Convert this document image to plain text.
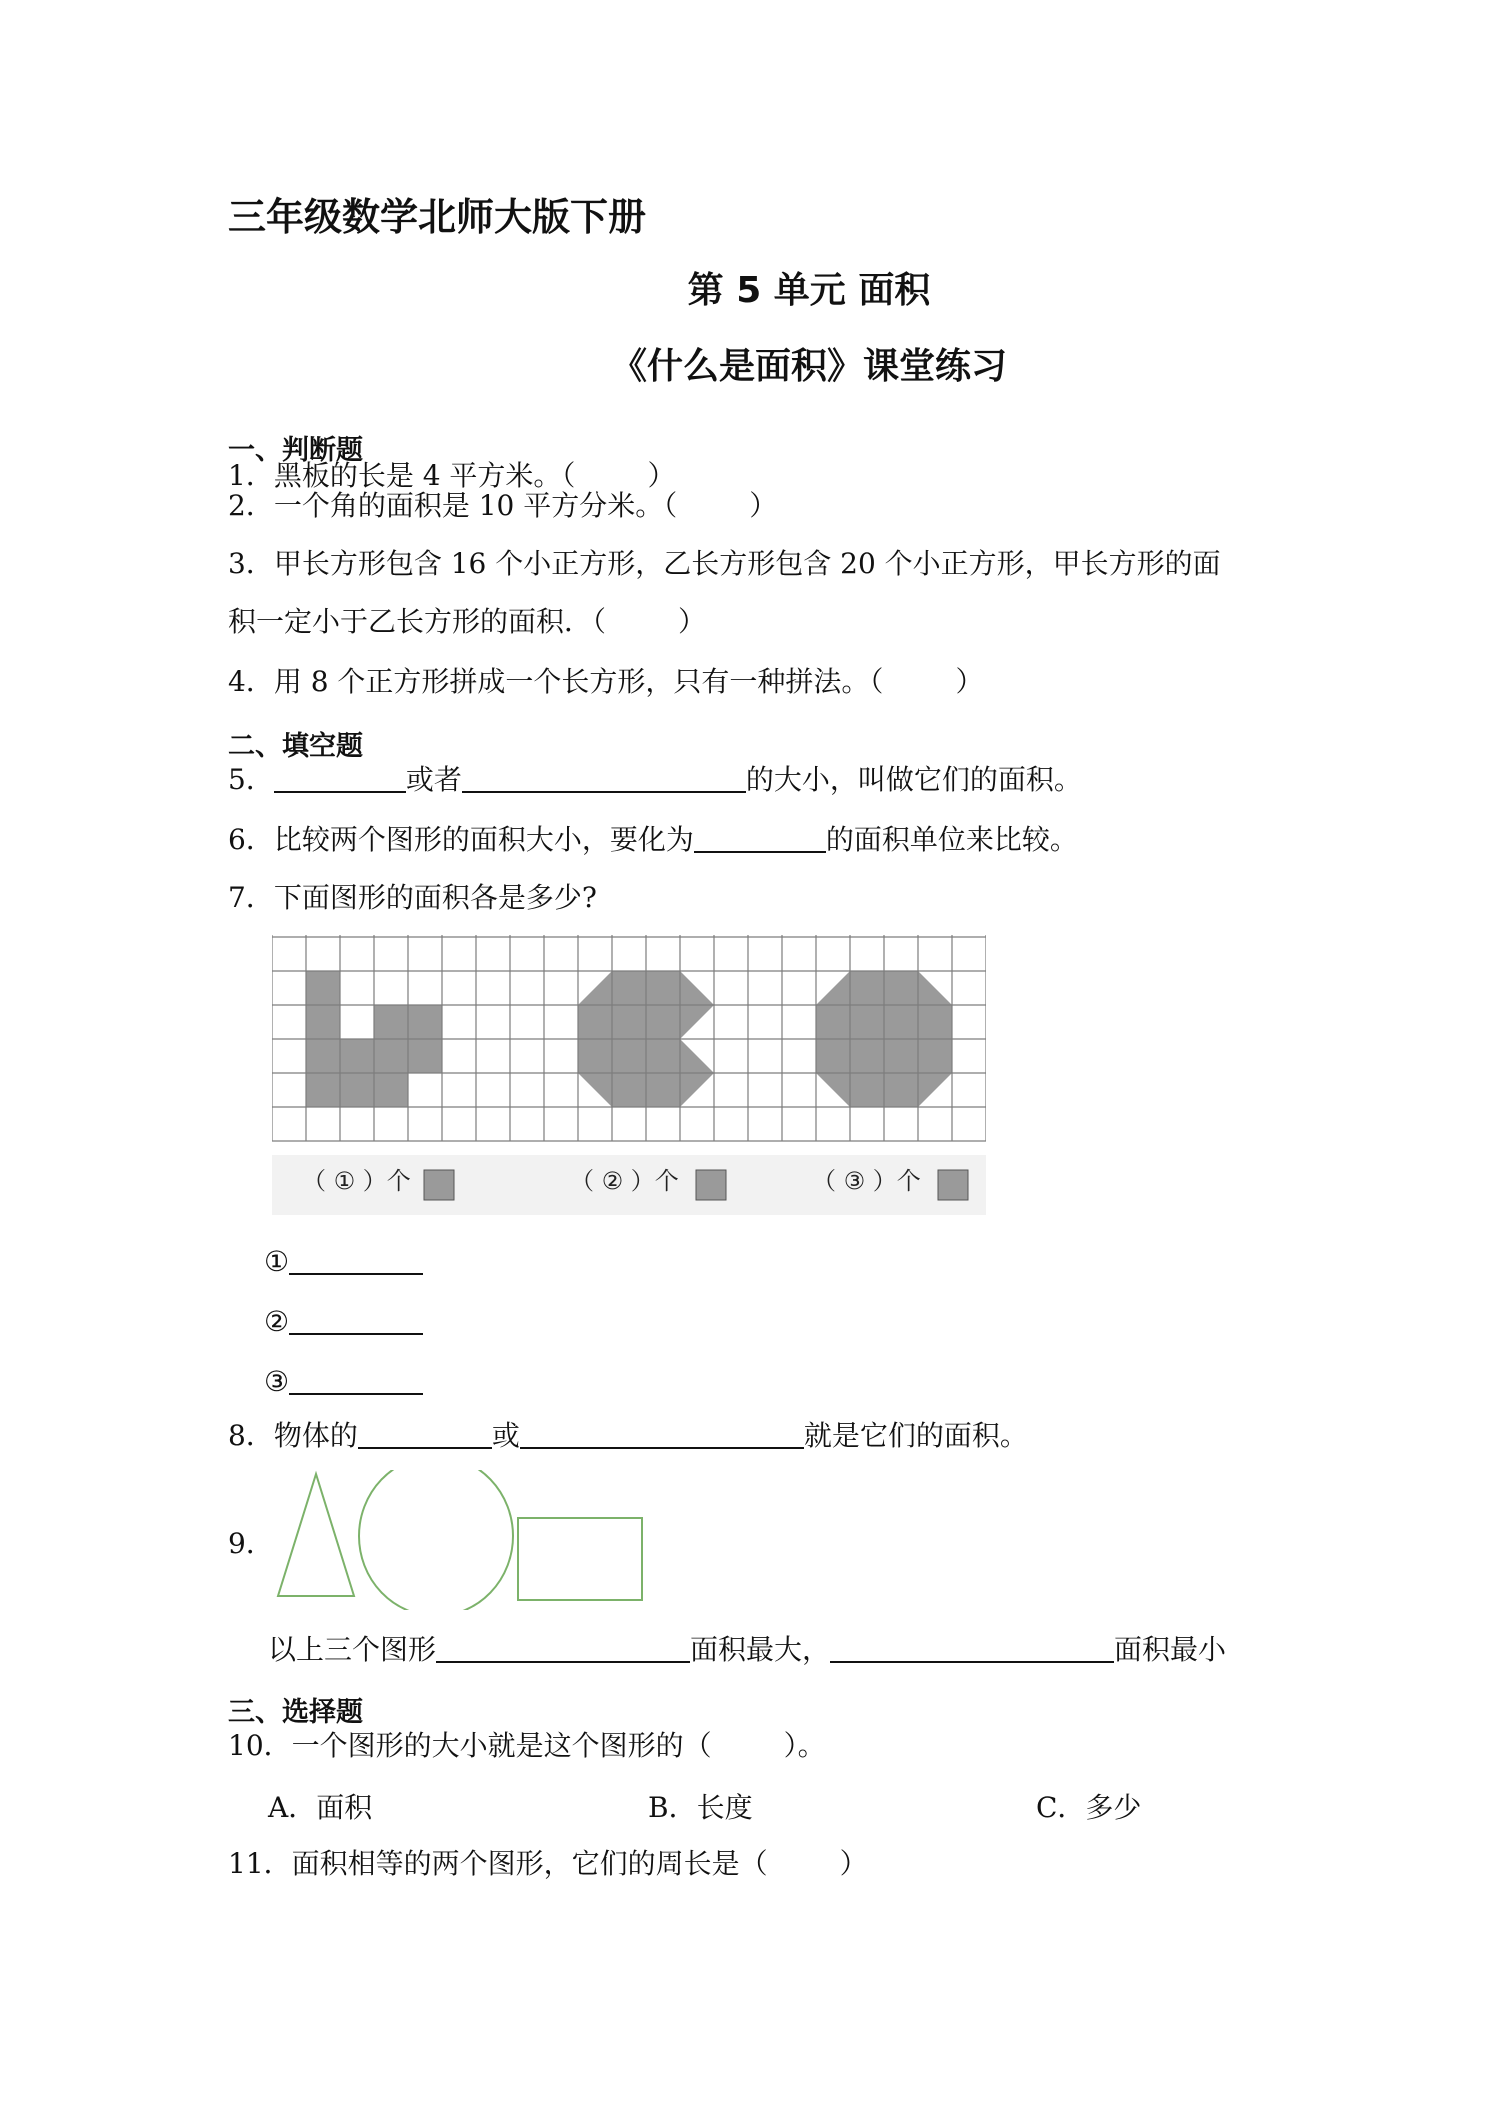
三年级数学北师大版下册
第 5 单元 面积
《什么是面积》课堂练习
一、判断题
1．黑板的长是 4 平方米。（	）
2．一个角的面积是 10 平方分米。（	）
3．甲长方形包含 16 个小正方形，乙长方形包含 20 个小正方形，甲长方形的面
积一定小于乙长方形的面积．（	）
4．用 8 个正方形拼成一个长方形，只有一种拼法。（	）
二、填空题
5．	或者	的大小，叫做它们的面积。
6．比较两个图形的面积大小，要化为	的面积单位来比较。
7．下面图形的面积各是多少?
（ ① ）个	（ ② ）个	（ ③ ）个
①
②
③
8．物体的	或	就是它们的面积。
9．
以上三个图形	面积最大，	面积最小
三、选择题
10．一个图形的大小就是这个图形的（	）。
A．面积	B．长度	C．多少
11．面积相等的两个图形，它们的周长是（	）
